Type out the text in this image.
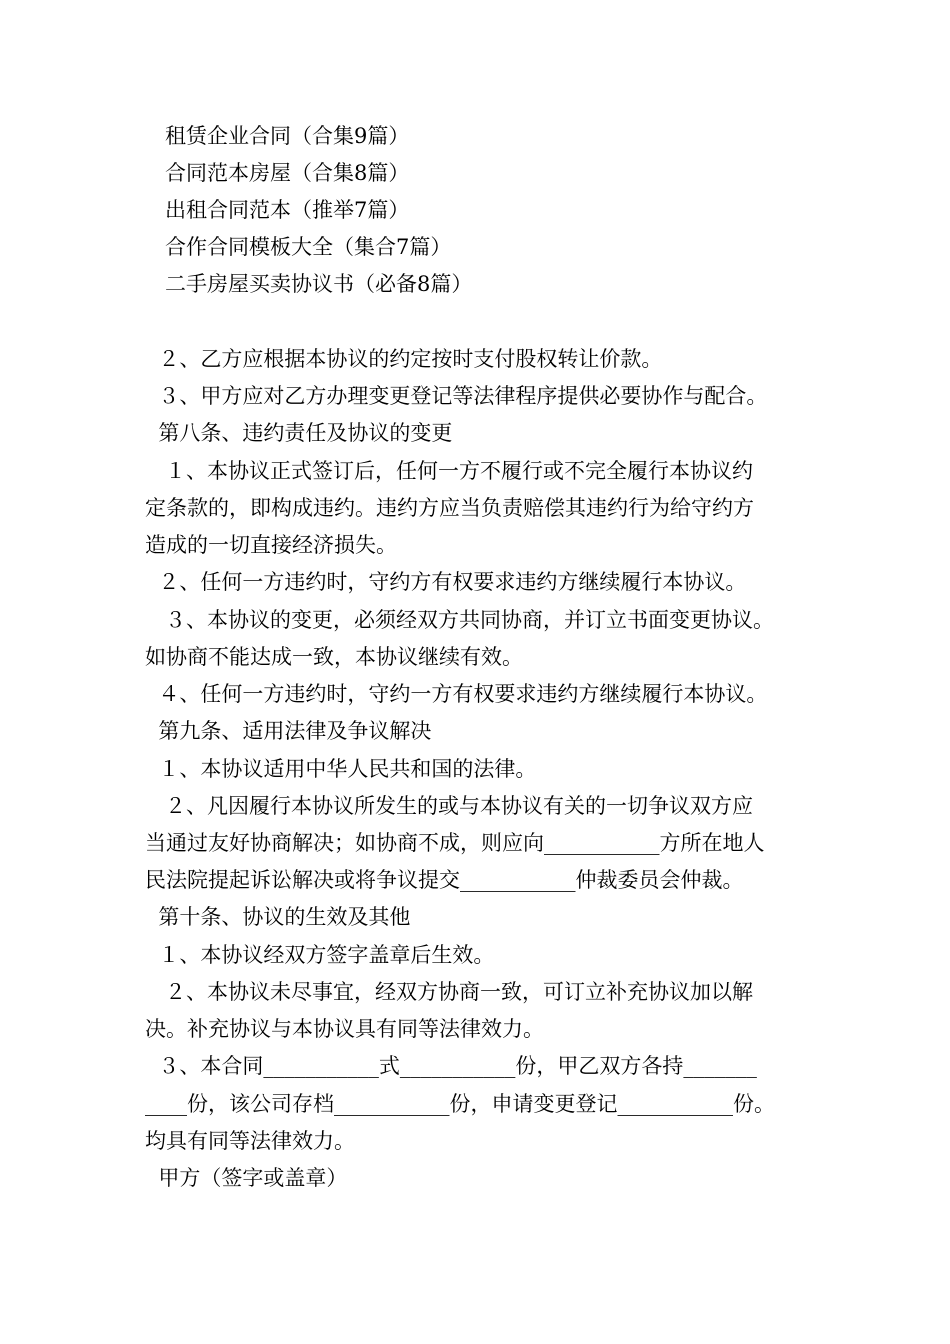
租赁企业合同（合集9篇）
合同范本房屋（合集8篇）
出租合同范本（推举7篇）
合作合同模板大全（集合7篇）
二手房屋买卖协议书（必备8篇）
２、乙方应根据本协议的约定按时支付股权转让价款。
３、甲方应对乙方办理变更登记等法律程序提供必要协作与配合。
第八条、违约责任及协议的变更
１、本协议正式签订后，任何一方不履行或不完全履行本协议约
定条款的，即构成违约。违约方应当负责赔偿其违约行为给守约方
造成的一切直接经济损失。
２、任何一方违约时，守约方有权要求违约方继续履行本协议。
３、本协议的变更，必须经双方共同协商，并订立书面变更协议。
如协商不能达成一致，本协议继续有效。
４、任何一方违约时，守约一方有权要求违约方继续履行本协议。
第九条、适用法律及争议解决
１、本协议适用中华人民共和国的法律。
２、凡因履行本协议所发生的或与本协议有关的一切争议双方应
当通过友好协商解决；如协商不成，则应向___________方所在地人
民法院提起诉讼解决或将争议提交___________仲裁委员会仲裁。
第十条、协议的生效及其他
１、本协议经双方签字盖章后生效。
２、本协议未尽事宜，经双方协商一致，可订立补充协议加以解
决。补充协议与本协议具有同等法律效力。
３、本合同___________式___________份，甲乙双方各持_______
____份，该公司存档___________份，申请变更登记___________份。
均具有同等法律效力。
甲方（签字或盖章）
